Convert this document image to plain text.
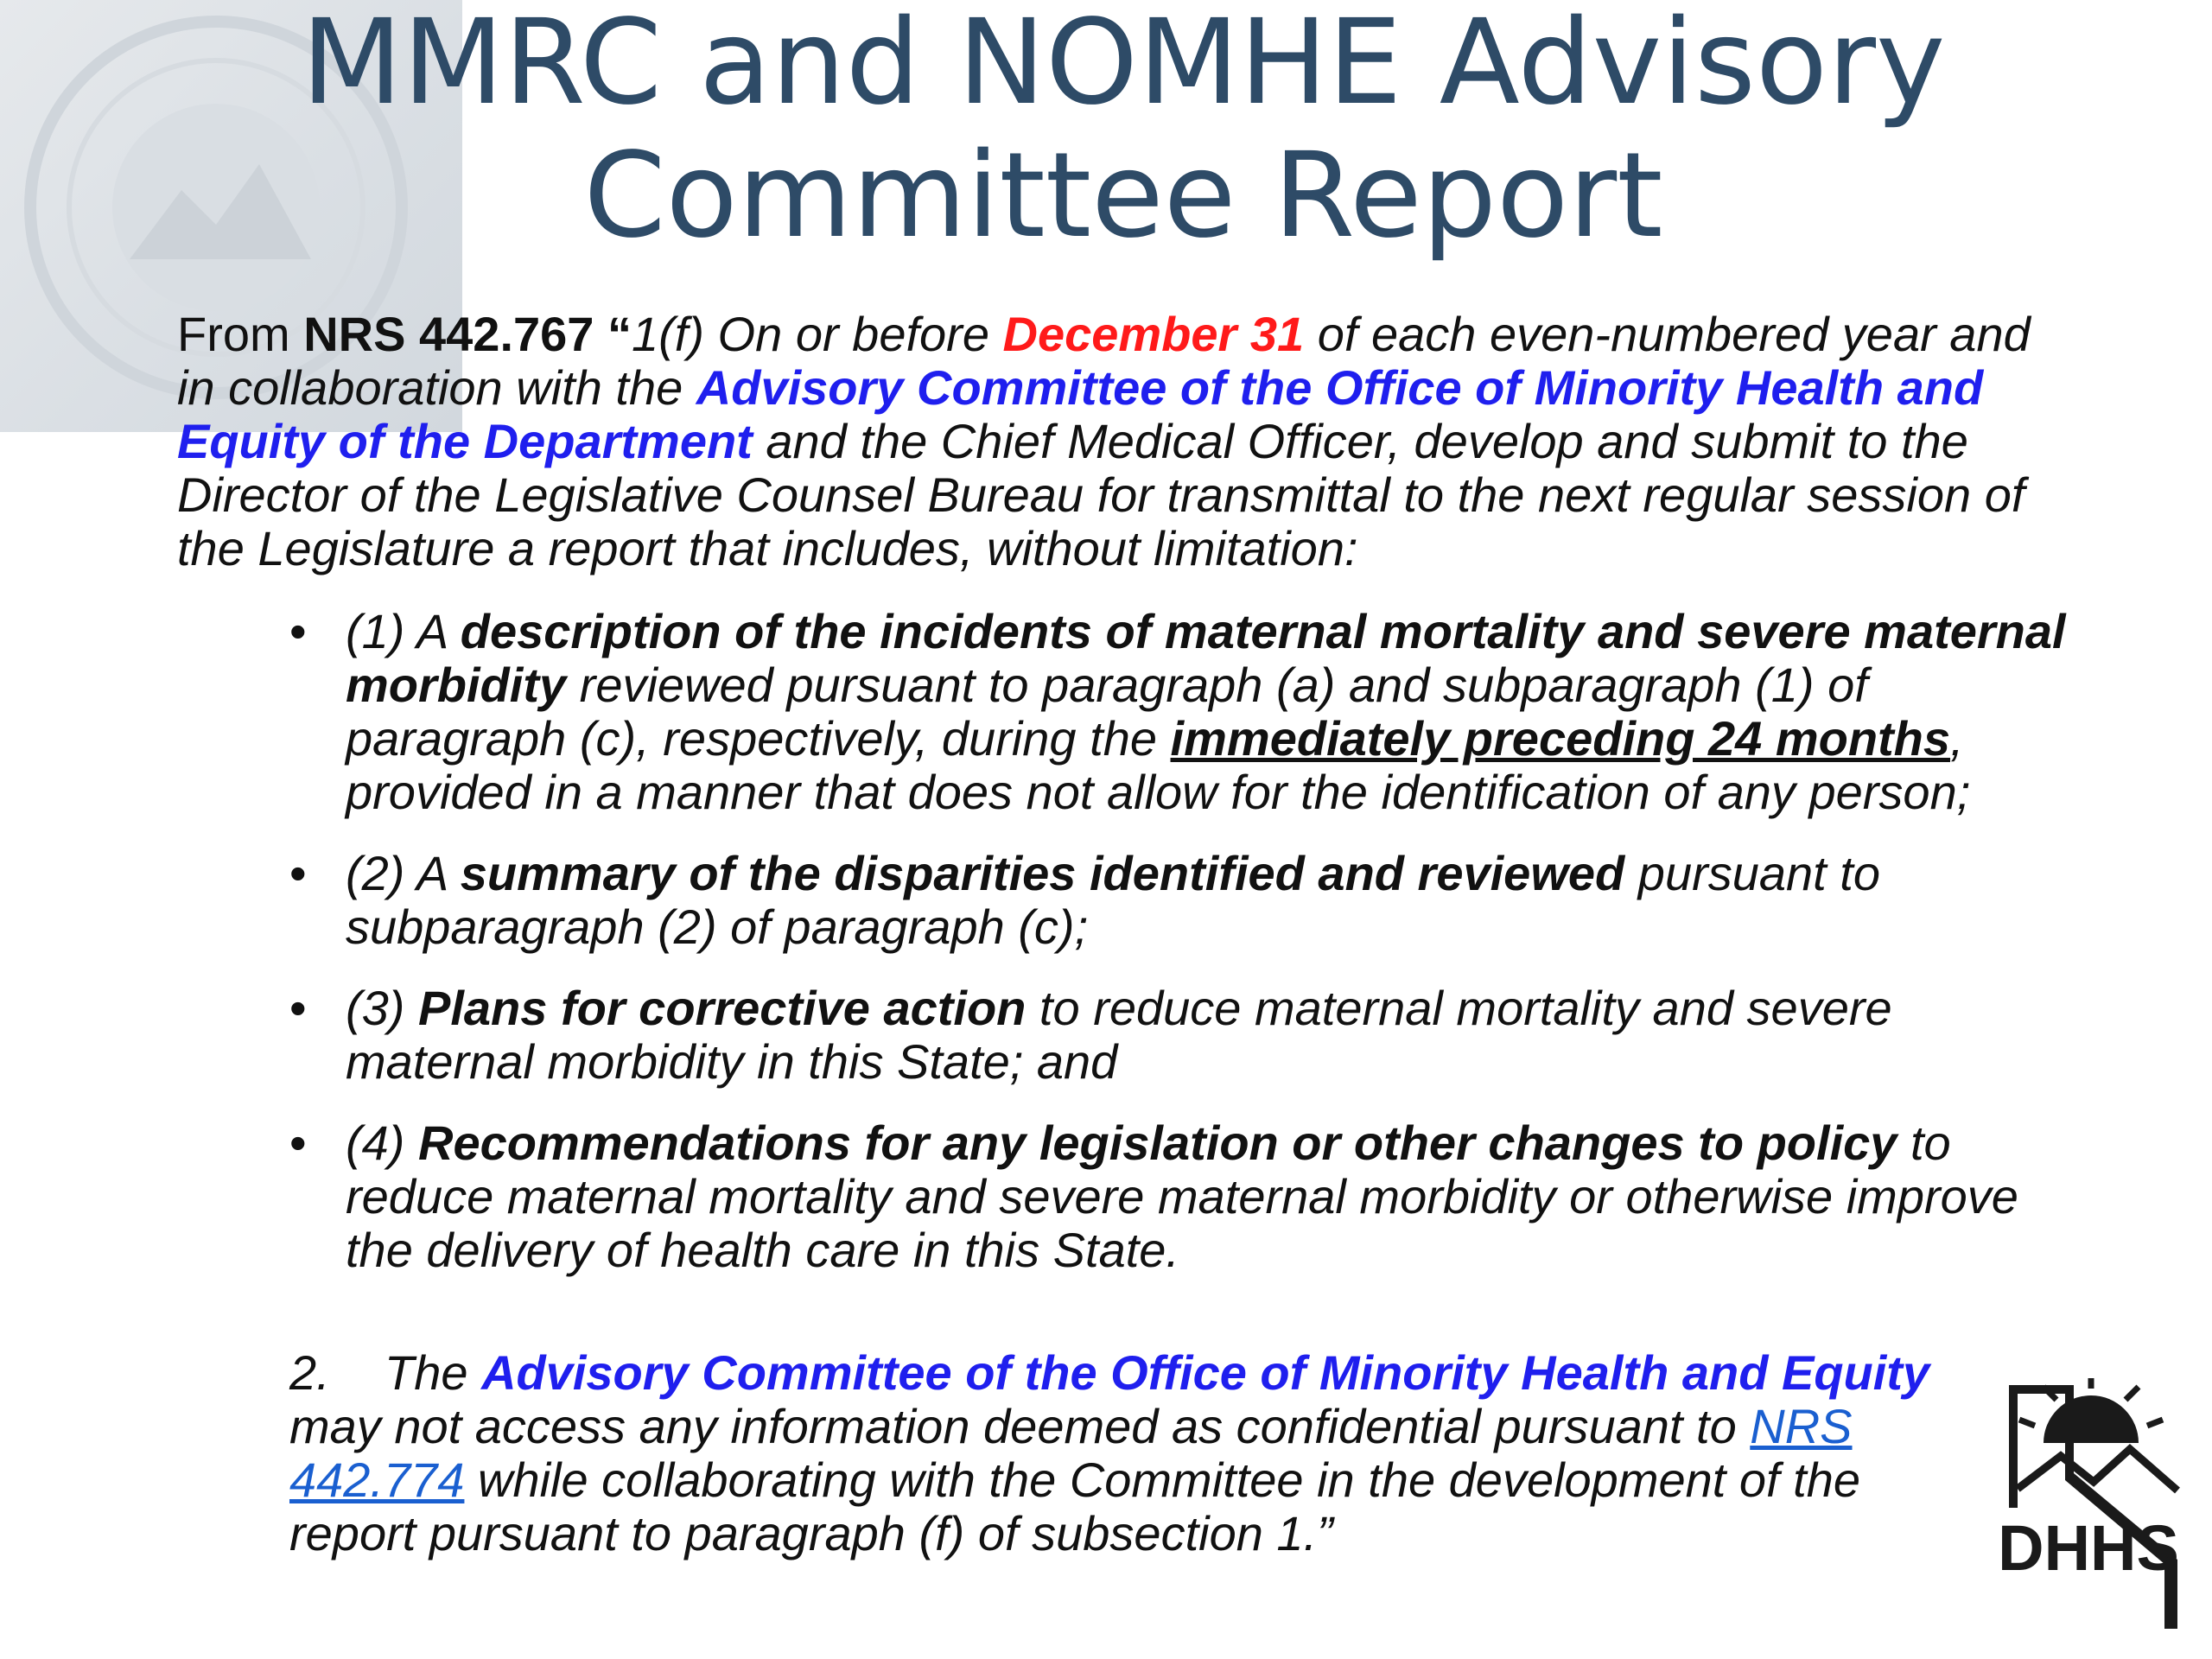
MMRC and NOMHE Advisory
Committee Report
From NRS 442.767 “1(f) On or before December 31 of each even-numbered year and in collaboration with the Advisory Committee of the Office of Minority Health and Equity of the Department and the Chief Medical Officer, develop and submit to the Director of the Legislative Counsel Bureau for transmittal to the next regular session of the Legislature a report that includes, without limitation:
• (1) A description of the incidents of maternal mortality and severe maternal morbidity reviewed pursuant to paragraph (a) and subparagraph (1) of paragraph (c), respectively, during the immediately preceding 24 months, provided in a manner that does not allow for the identification of any person;
• (2) A summary of the disparities identified and reviewed pursuant to subparagraph (2) of paragraph (c);
• (3) Plans for corrective action to reduce maternal mortality and severe maternal morbidity in this State; and
• (4) Recommendations for any legislation or other changes to policy to reduce maternal mortality and severe maternal morbidity or otherwise improve the delivery of health care in this State.
2. The Advisory Committee of the Office of Minority Health and Equity may not access any information deemed as confidential pursuant to NRS 442.774 while collaborating with the Committee in the development of the report pursuant to paragraph (f) of subsection 1.”	DHHS
